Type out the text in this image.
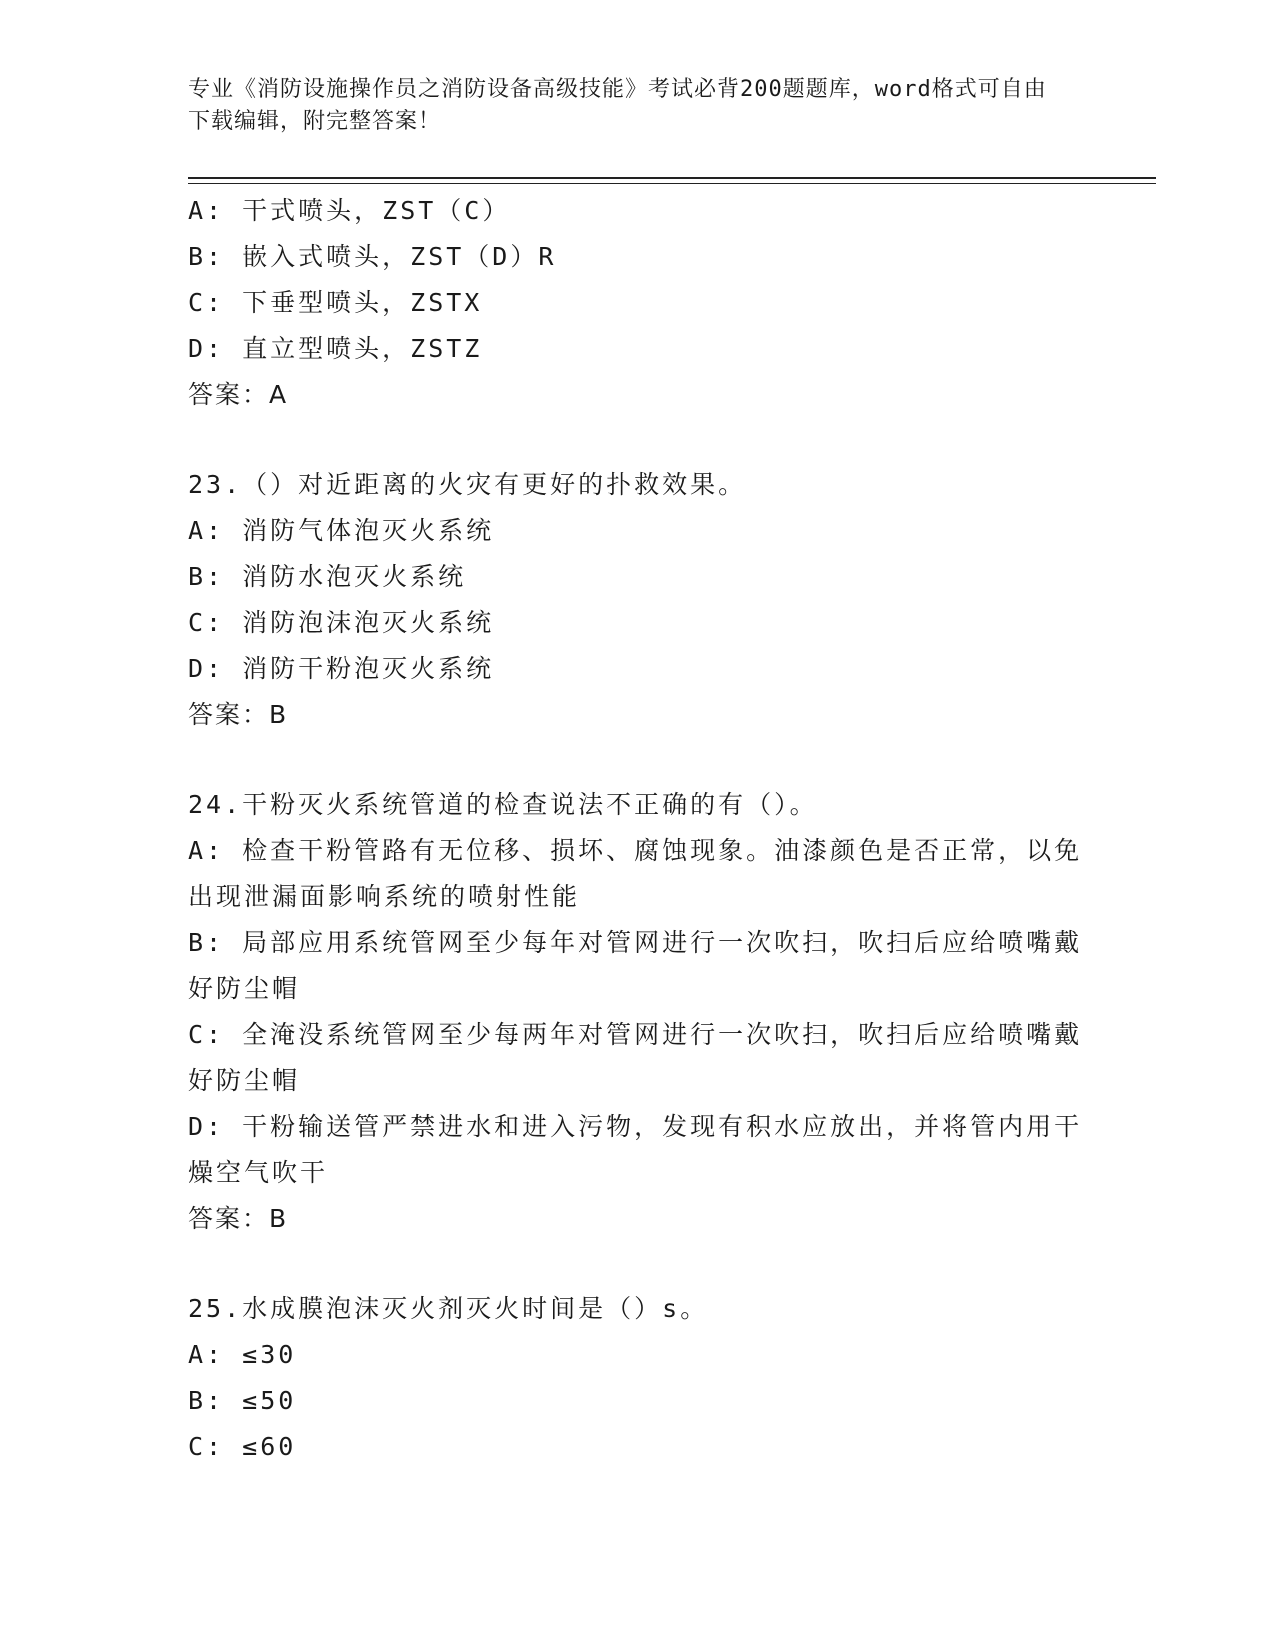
专业《消防设施操作员之消防设备高级技能》考试必背200题题库，word格式可自由下载编辑，附完整答案！
A: 干式喷头，ZST（C）
B: 嵌入式喷头，ZST（D）R
C: 下垂型喷头，ZSTX
D: 直立型喷头，ZSTZ
答案：A
23.（）对近距离的火灾有更好的扑救效果。
A: 消防气体泡灭火系统
B: 消防水泡灭火系统
C: 消防泡沫泡灭火系统
D: 消防干粉泡灭火系统
答案：B
24.干粉灭火系统管道的检查说法不正确的有（）。
A: 检查干粉管路有无位移、损坏、腐蚀现象。油漆颜色是否正常，以免出现泄漏面影响系统的喷射性能
B: 局部应用系统管网至少每年对管网进行一次吹扫，吹扫后应给喷嘴戴好防尘帽
C: 全淹没系统管网至少每两年对管网进行一次吹扫，吹扫后应给喷嘴戴好防尘帽
D: 干粉输送管严禁进水和进入污物，发现有积水应放出，并将管内用干燥空气吹干
答案：B
25.水成膜泡沫灭火剂灭火时间是（）s。
A: ≤30
B: ≤50
C: ≤60
